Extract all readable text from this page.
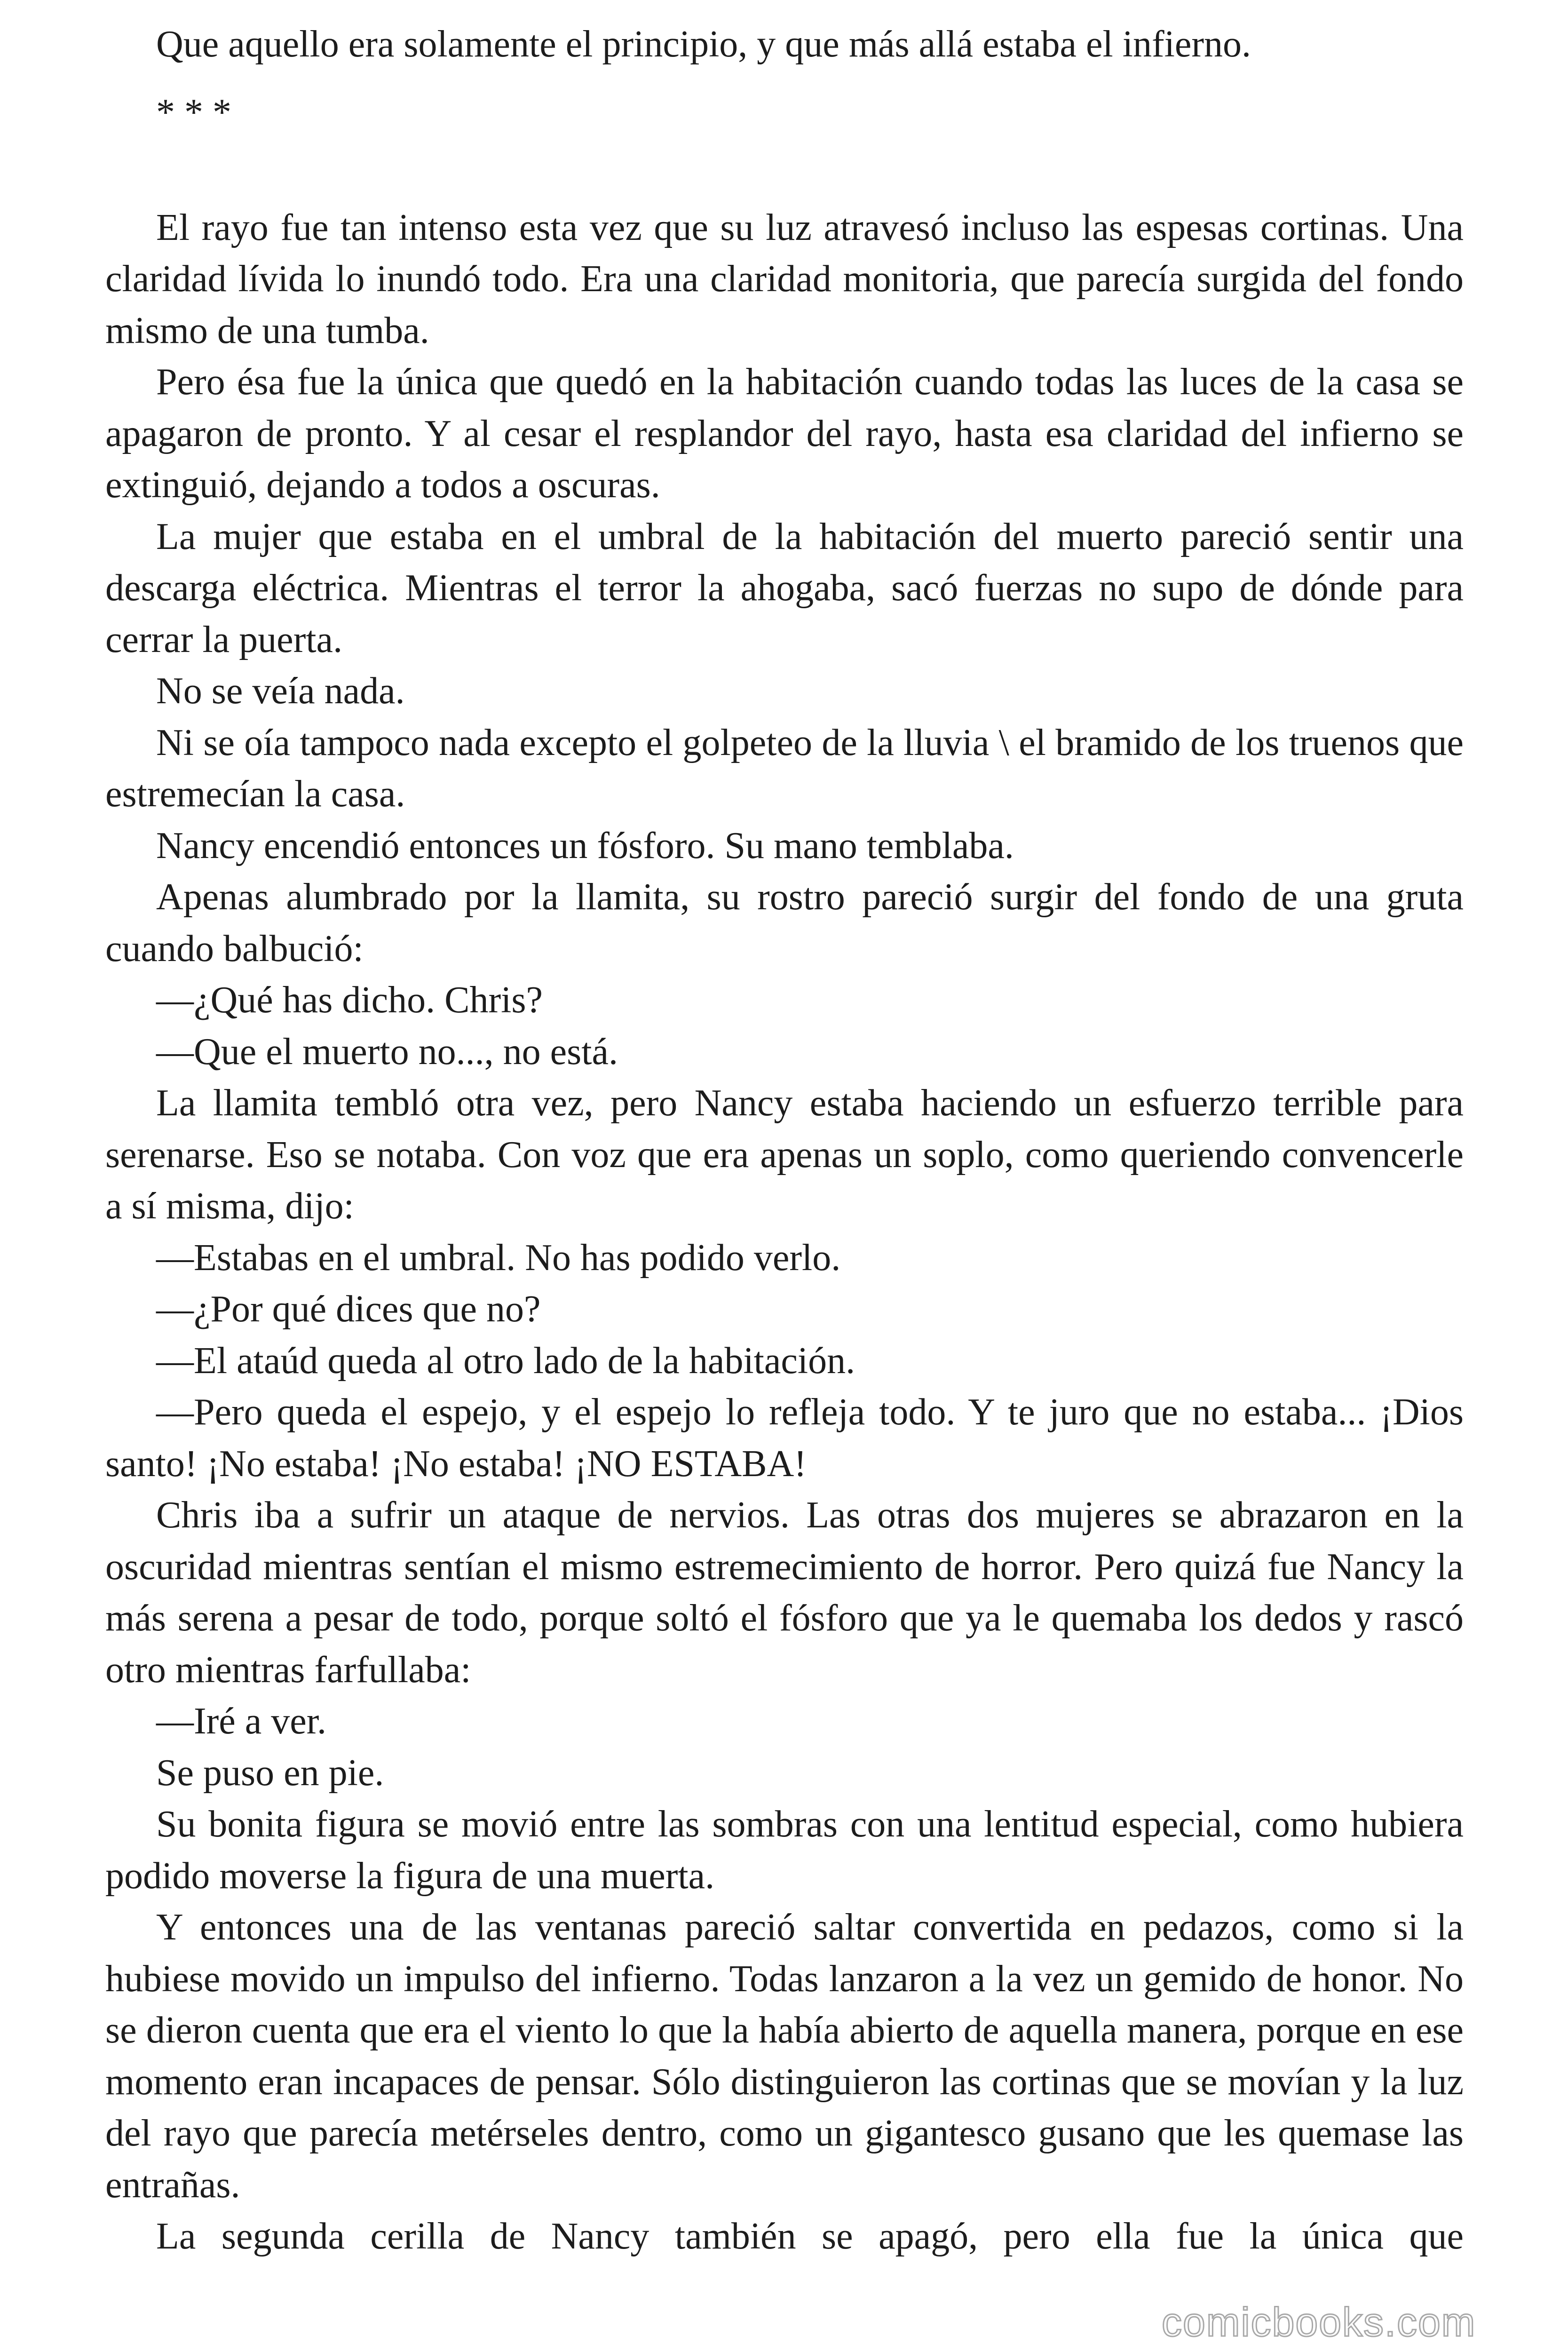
Que aquello era solamente el principio, y que más allá estaba el infierno.

* * *

El rayo fue tan intenso esta vez que su luz atravesó incluso las espesas cortinas. Una claridad lívida lo inundó todo. Era una claridad monitoria, que parecía surgida del fondo mismo de una tumba.

Pero ésa fue la única que quedó en la habitación cuando todas las luces de la casa se apagaron de pronto. Y al cesar el resplandor del rayo, hasta esa claridad del infierno se extinguió, dejando a todos a oscuras.

La mujer que estaba en el umbral de la habitación del muerto pareció sentir una descarga eléctrica. Mientras el terror la ahogaba, sacó fuerzas no supo de dónde para cerrar la puerta.

No se veía nada.

Ni se oía tampoco nada excepto el golpeteo de la lluvia \ el bramido de los truenos que estremecían la casa.

Nancy encendió entonces un fósforo. Su mano temblaba.

Apenas alumbrado por la llamita, su rostro pareció surgir del fondo de una gruta cuando balbució:

—¿Qué has dicho. Chris?

—Que el muerto no..., no está.

La llamita tembló otra vez, pero Nancy estaba haciendo un esfuerzo terrible para serenarse. Eso se notaba. Con voz que era apenas un soplo, como queriendo convencerle a sí misma, dijo:

—Estabas en el umbral. No has podido verlo.

—¿Por qué dices que no?

—El ataúd queda al otro lado de la habitación.

—Pero queda el espejo, y el espejo lo refleja todo. Y te juro que no estaba... ¡Dios santo! ¡No estaba! ¡No estaba! ¡NO ESTABA!

Chris iba a sufrir un ataque de nervios. Las otras dos mujeres se abrazaron en la oscuridad mientras sentían el mismo estremecimiento de horror. Pero quizá fue Nancy la más serena a pesar de todo, porque soltó el fósforo que ya le quemaba los dedos y rascó otro mientras farfullaba:

—Iré a ver.

Se puso en pie.

Su bonita figura se movió entre las sombras con una lentitud especial, como hubiera podido moverse la figura de una muerta.

Y entonces una de las ventanas pareció saltar convertida en pedazos, como si la hubiese movido un impulso del infierno. Todas lanzaron a la vez un gemido de honor. No se dieron cuenta que era el viento lo que la había abierto de aquella manera, porque en ese momento eran incapaces de pensar. Sólo distinguieron las cortinas que se movían y la luz del rayo que parecía metérseles dentro, como un gigantesco gusano que les quemase las entrañas.

La segunda cerilla de Nancy también se apagó, pero ella fue la única que

comicbooks.com
